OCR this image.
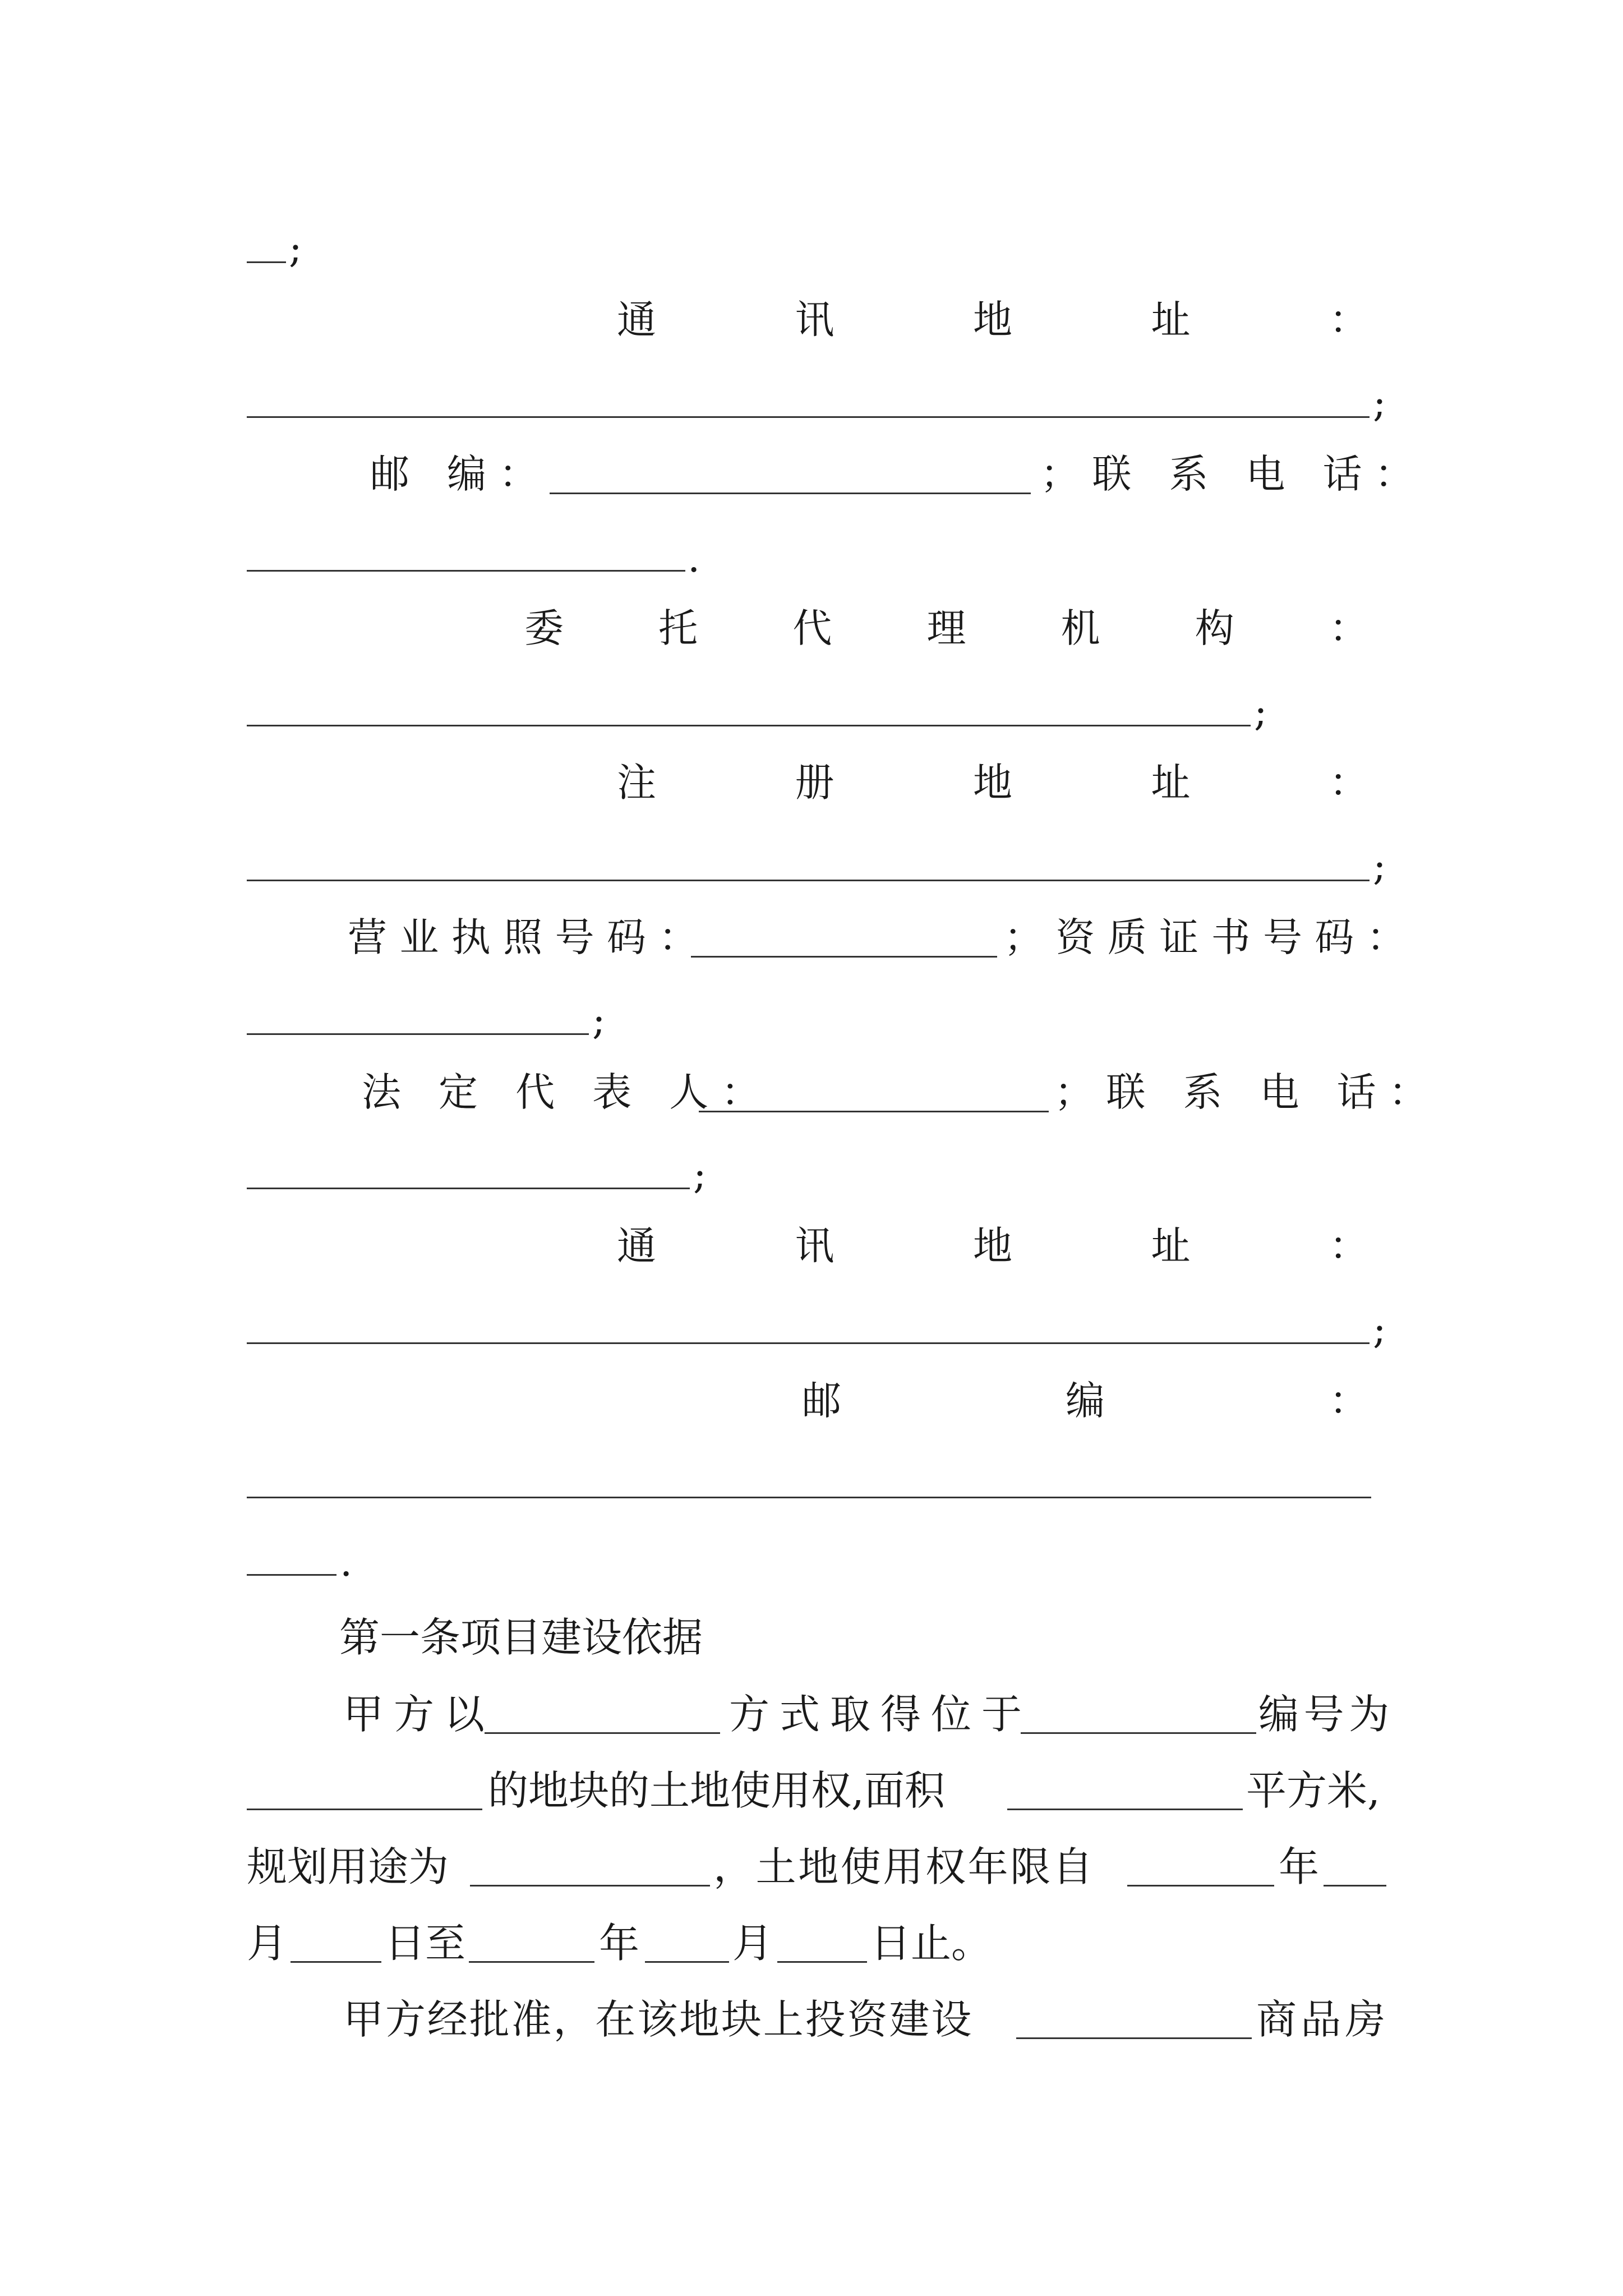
;
通	讯	地	址	：
;
邮 编：	；联 系 电 话：
.
委 托 代 理 机 构 ：
;
注	册	地	址	：
;
营业执照号码：	；资质证书号码：
;
法 定 代 表 人：	；联 系 电 话：
;
通	讯	地	址	：
;
邮	编	：
.
第一条项目建设依据
甲方以	方式取得位于	编号为
的地块的土地使用权,面积	平方米,
规划用途为	，土地使用权年限自	年
月 日至	年 月 日止。
甲方经批准，在该地块上投资建设	商品房
